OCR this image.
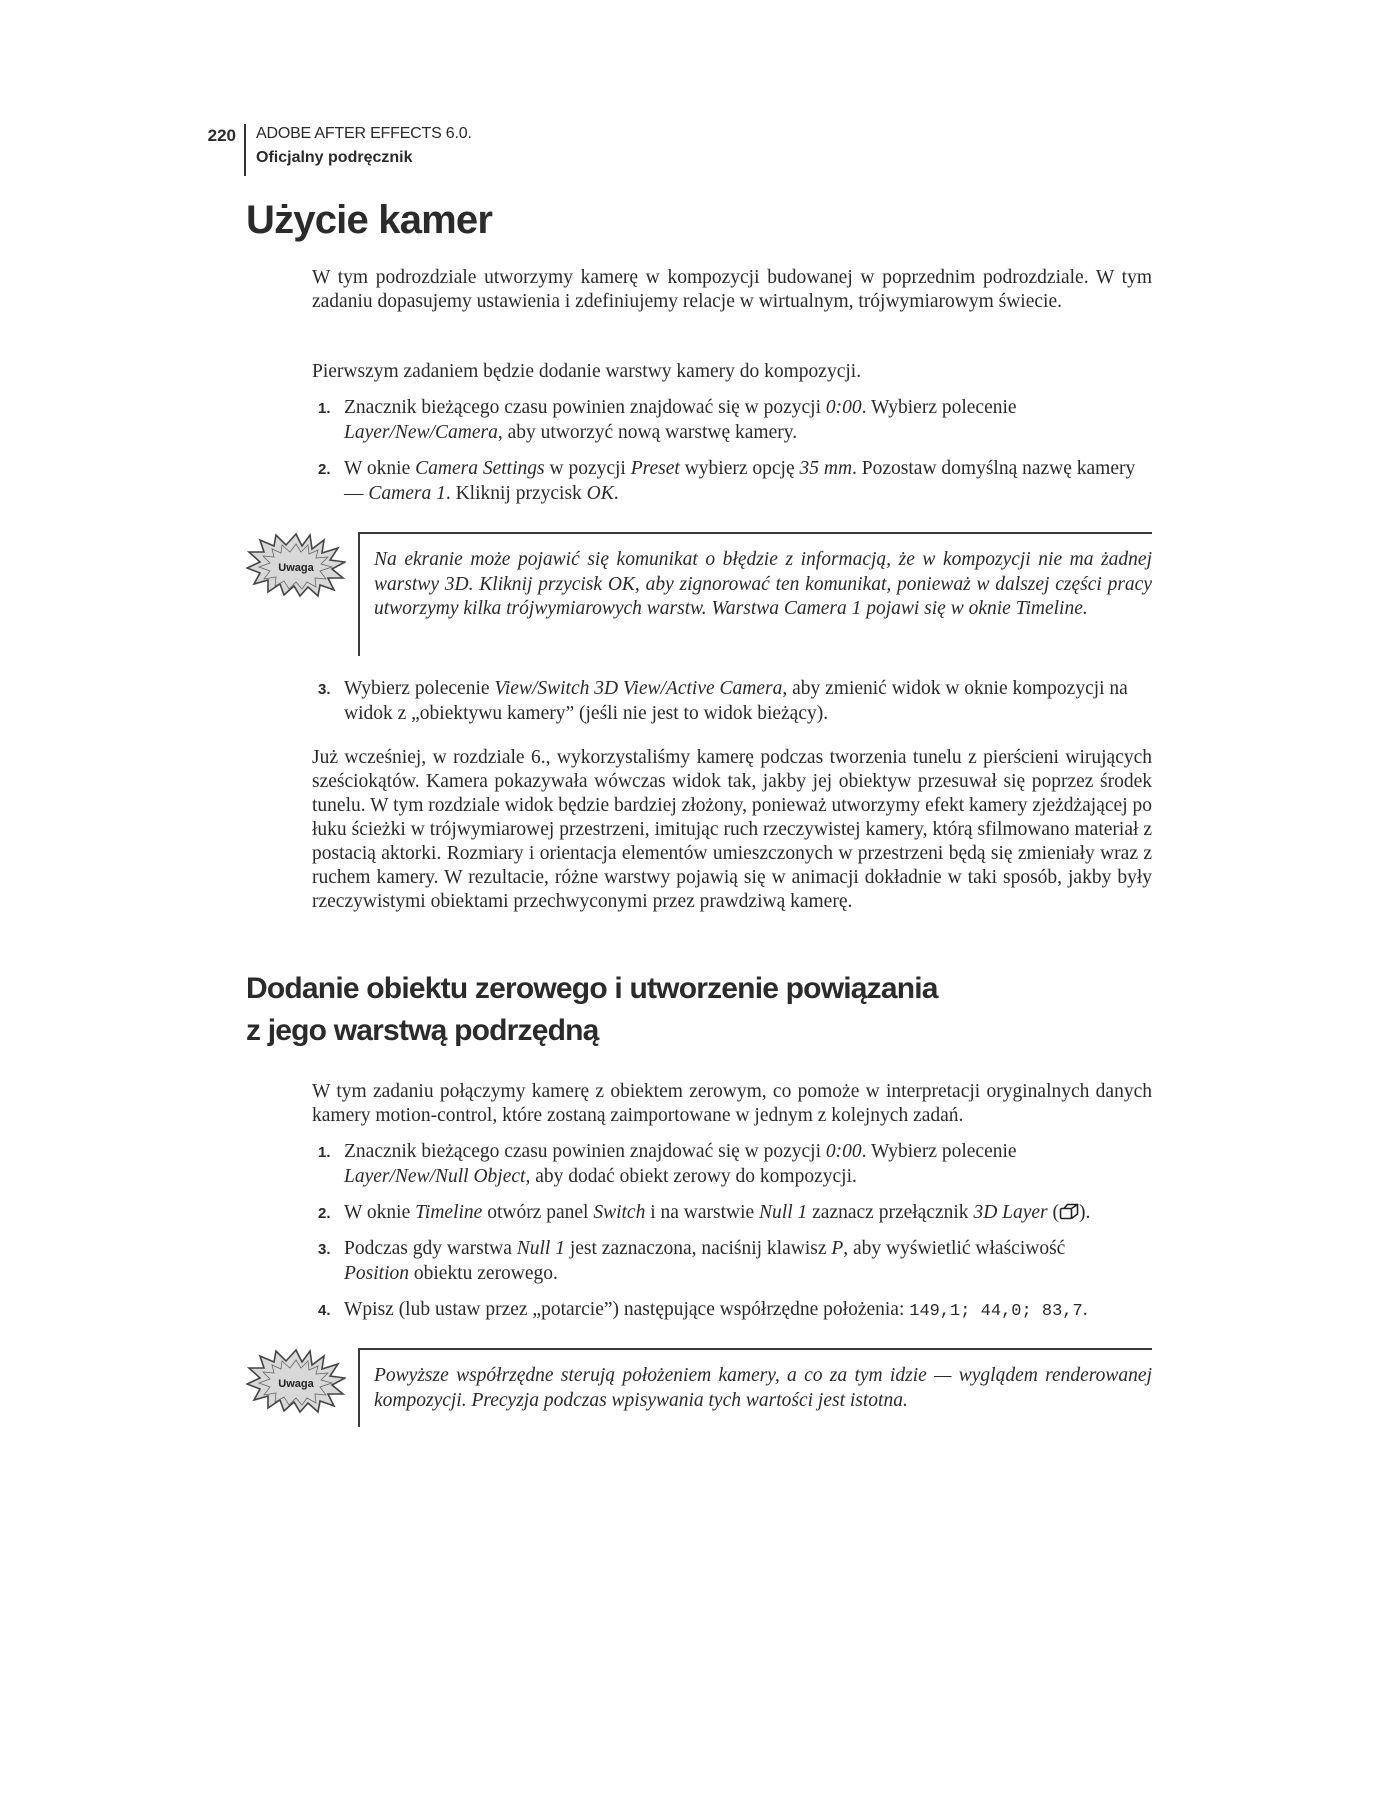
220 ADOBE AFTER EFFECTS 6.0.
Oficjalny podręcznik
Użycie kamer

W tym podrozdziale utworzymy kamerę w kompozycji budowanej w poprzednim podrozdziale. W tym zadaniu dopasujemy ustawienia i zdefiniujemy relacje w wirtualnym, trójwymiarowym świecie.

Pierwszym zadaniem będzie dodanie warstwy kamery do kompozycji.

1. Znacznik bieżącego czasu powinien znajdować się w pozycji 0:00. Wybierz polecenie
Layer/New/Camera, aby utworzyć nową warstwę kamery.
2. W oknie Camera Settings w pozycji Preset wybierz opcję 35 mm. Pozostaw domyślną nazwę kamery — Camera 1. Kliknij przycisk OK.
Uwaga	Na ekranie może pojawić się komunikat o błędzie z informacją, że w kompozycji nie ma żadnej warstwy 3D. Kliknij przycisk OK, aby zignorować ten komunikat, ponieważ w dalszej części pracy utworzymy kilka trójwymiarowych warstw. Warstwa Camera 1 pojawi się w oknie Timeline.
3. Wybierz polecenie View/Switch 3D View/Active Camera, aby zmienić widok w oknie kompozycji na widok z „obiektywu kamery” (jeśli nie jest to widok bieżący).

Już wcześniej, w rozdziale 6., wykorzystaliśmy kamerę podczas tworzenia tunelu z pierścieni wirujących sześciokątów. Kamera pokazywała wówczas widok tak, jakby jej obiektyw przesuwał się poprzez środek tunelu. W tym rozdziale widok będzie bardziej złożony, ponieważ utworzymy efekt kamery zjeżdżającej po łuku ścieżki w trójwymiarowej przestrzeni, imitując ruch rzeczywistej kamery, którą sfilmowano materiał z postacią aktorki. Rozmiary i orientacja elementów umieszczonych w przestrzeni będą się zmieniały wraz z ruchem kamery. W rezultacie, różne warstwy pojawią się w animacji dokładnie w taki sposób, jakby były rzeczywistymi obiektami przechwyconymi przez prawdziwą kamerę.

Dodanie obiektu zerowego i utworzenie powiązania
z jego warstwą podrzędną

W tym zadaniu połączymy kamerę z obiektem zerowym, co pomoże w interpretacji oryginalnych danych kamery motion-control, które zostaną zaimportowane w jednym z kolejnych zadań.

1. Znacznik bieżącego czasu powinien znajdować się w pozycji 0:00. Wybierz polecenie
Layer/New/Null Object, aby dodać obiekt zerowy do kompozycji.
2. W oknie Timeline otwórz panel Switch i na warstwie Null 1 zaznacz przełącznik 3D Layer ( ).
3. Podczas gdy warstwa Null 1 jest zaznaczona, naciśnij klawisz P, aby wyświetlić właściwość
Position obiektu zerowego.
4. Wpisz (lub ustaw przez „potarcie”) następujące współrzędne położenia: 149,1; 44,0; 83,7.
Uwaga	Powyższe współrzędne sterują położeniem kamery, a co za tym idzie — wyglądem renderowanej kompozycji. Precyzja podczas wpisywania tych wartości jest istotna.
